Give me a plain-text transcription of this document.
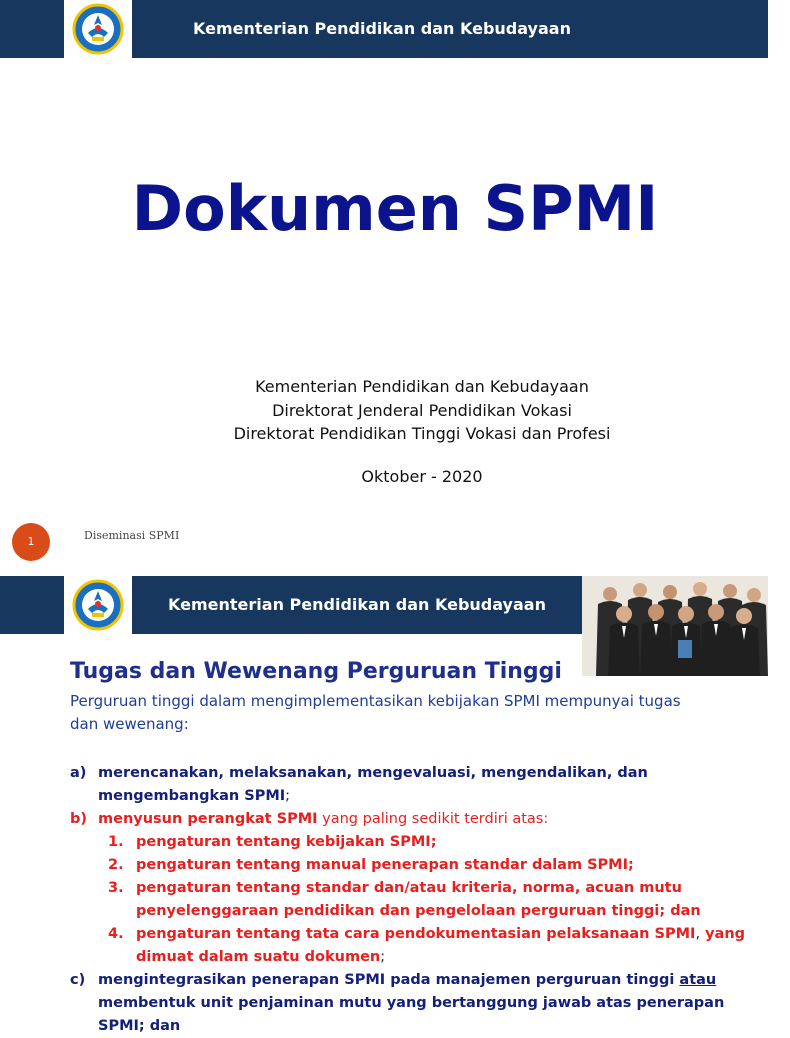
Kementerian Pendidikan dan Kebudayaan
Dokumen SPMI
Kementerian Pendidikan dan Kebudayaan
Direktorat Jenderal Pendidikan Vokasi
Direktorat Pendidikan Tinggi Vokasi dan Profesi
Oktober - 2020
1	Diseminasi SPMI
Kementerian Pendidikan dan Kebudayaan
Tugas dan Wewenang Perguruan Tinggi
Perguruan tinggi dalam mengimplementasikan kebijakan SPMI mempunyai tugas
dan wewenang:
a) merencanakan, melaksanakan, mengevaluasi, mengendalikan, dan
mengembangkan SPMI;
b) menyusun perangkat SPMI yang paling sedikit terdiri atas:
1. pengaturan tentang kebijakan SPMI;
2. pengaturan tentang manual penerapan standar dalam SPMI;
3. pengaturan tentang standar dan/atau kriteria, norma, acuan mutu
penyelenggaraan pendidikan dan pengelolaan perguruan tinggi; dan
4. pengaturan tentang tata cara pendokumentasian pelaksanaan SPMI, yang
dimuat dalam suatu dokumen;
c) mengintegrasikan penerapan SPMI pada manajemen perguruan tinggi atau
membentuk unit penjaminan mutu yang bertanggung jawab atas penerapan
SPMI; dan
